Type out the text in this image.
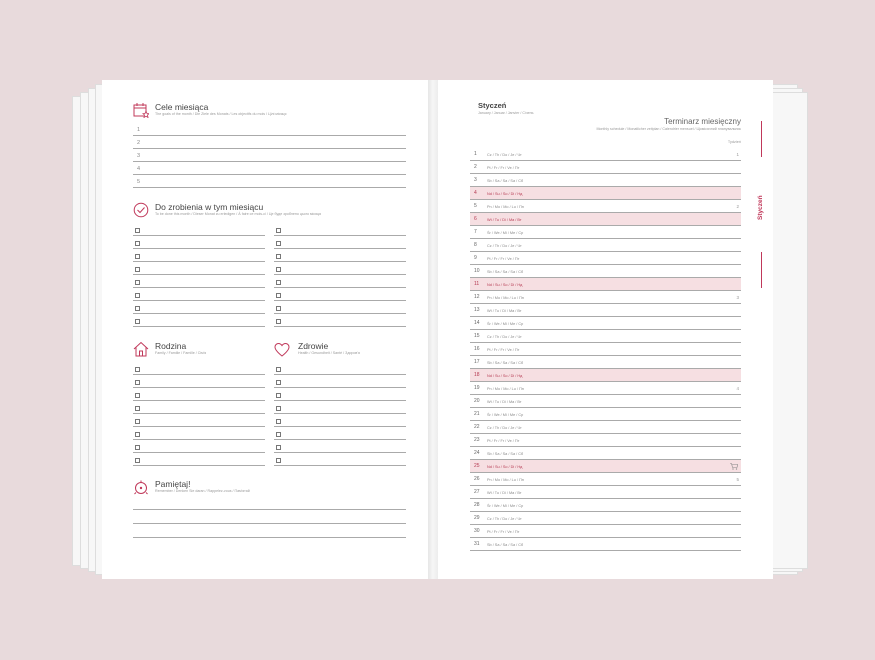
Cele miesiąca
The goals of the month / Die Ziele des Monats / Les objectifs du mois / Цілі місяця
1
2
3
4
5
Do zrobienia w tym miesiącu
To be done this month / Dieser Monat zu erledigen / À faire ce mois-ci / Це буде зроблено цього місяця
Rodzina
Family / Familie / Famille / Сім'я
Zdrowie
Health / Gesundheit / Santé / Здоров'я
Pamiętaj!
Remember / Denken Sie daran / Rappelez-vous / Пам'ятай
Styczeń
January / Januar / Janvier / Січень
Terminarz miesięczny
Monthly schedule / Monatlicher zeitplan / Calendrier mensuel / Щомісячний планувальник
Tydzień
1	Cz / Th / Do / Je / Чт	1
2	Pt / Fr / Fr / Ve / Пт
3	Sb / Sa / Sa / Sa / Сб
4	Nd / Su / So / Di / Нд
5	Pn / Mo / Mo / Lu / Пн	2
6	Wt / Tu / Di / Ma / Вт
7	Śr / We / Mi / Me / Ср
8	Cz / Th / Do / Je / Чт
9	Pt / Fr / Fr / Ve / Пт
10 Sb / Sa / Sa / Sa / Сб
11 Nd / Su / So / Di / Нд
12 Pn / Mo / Mo / Lu / Пн	3
13 Wt / Tu / Di / Ma / Вт
14 Śr / We / Mi / Me / Ср
15 Cz / Th / Do / Je / Чт
16 Pt / Fr / Fr / Ve / Пт
17 Sb / Sa / Sa / Sa / Сб
18 Nd / Su / So / Di / Нд
19 Pn / Mo / Mo / Lu / Пн	4
20 Wt / Tu / Di / Ma / Вт
21 Śr / We / Mi / Me / Ср
22 Cz / Th / Do / Je / Чт
23 Pt / Fr / Fr / Ve / Пт
24 Sb / Sa / Sa / Sa / Сб
25 Nd / Su / So / Di / Нд
26 Pn / Mo / Mo / Lu / Пн	5
27 Wt / Tu / Di / Ma / Вт
28 Śr / We / Mi / Me / Ср
29 Cz / Th / Do / Je / Чт
30 Pt / Fr / Fr / Ve / Пт
31 Sb / Sa / Sa / Sa / Сб
Styczeń
